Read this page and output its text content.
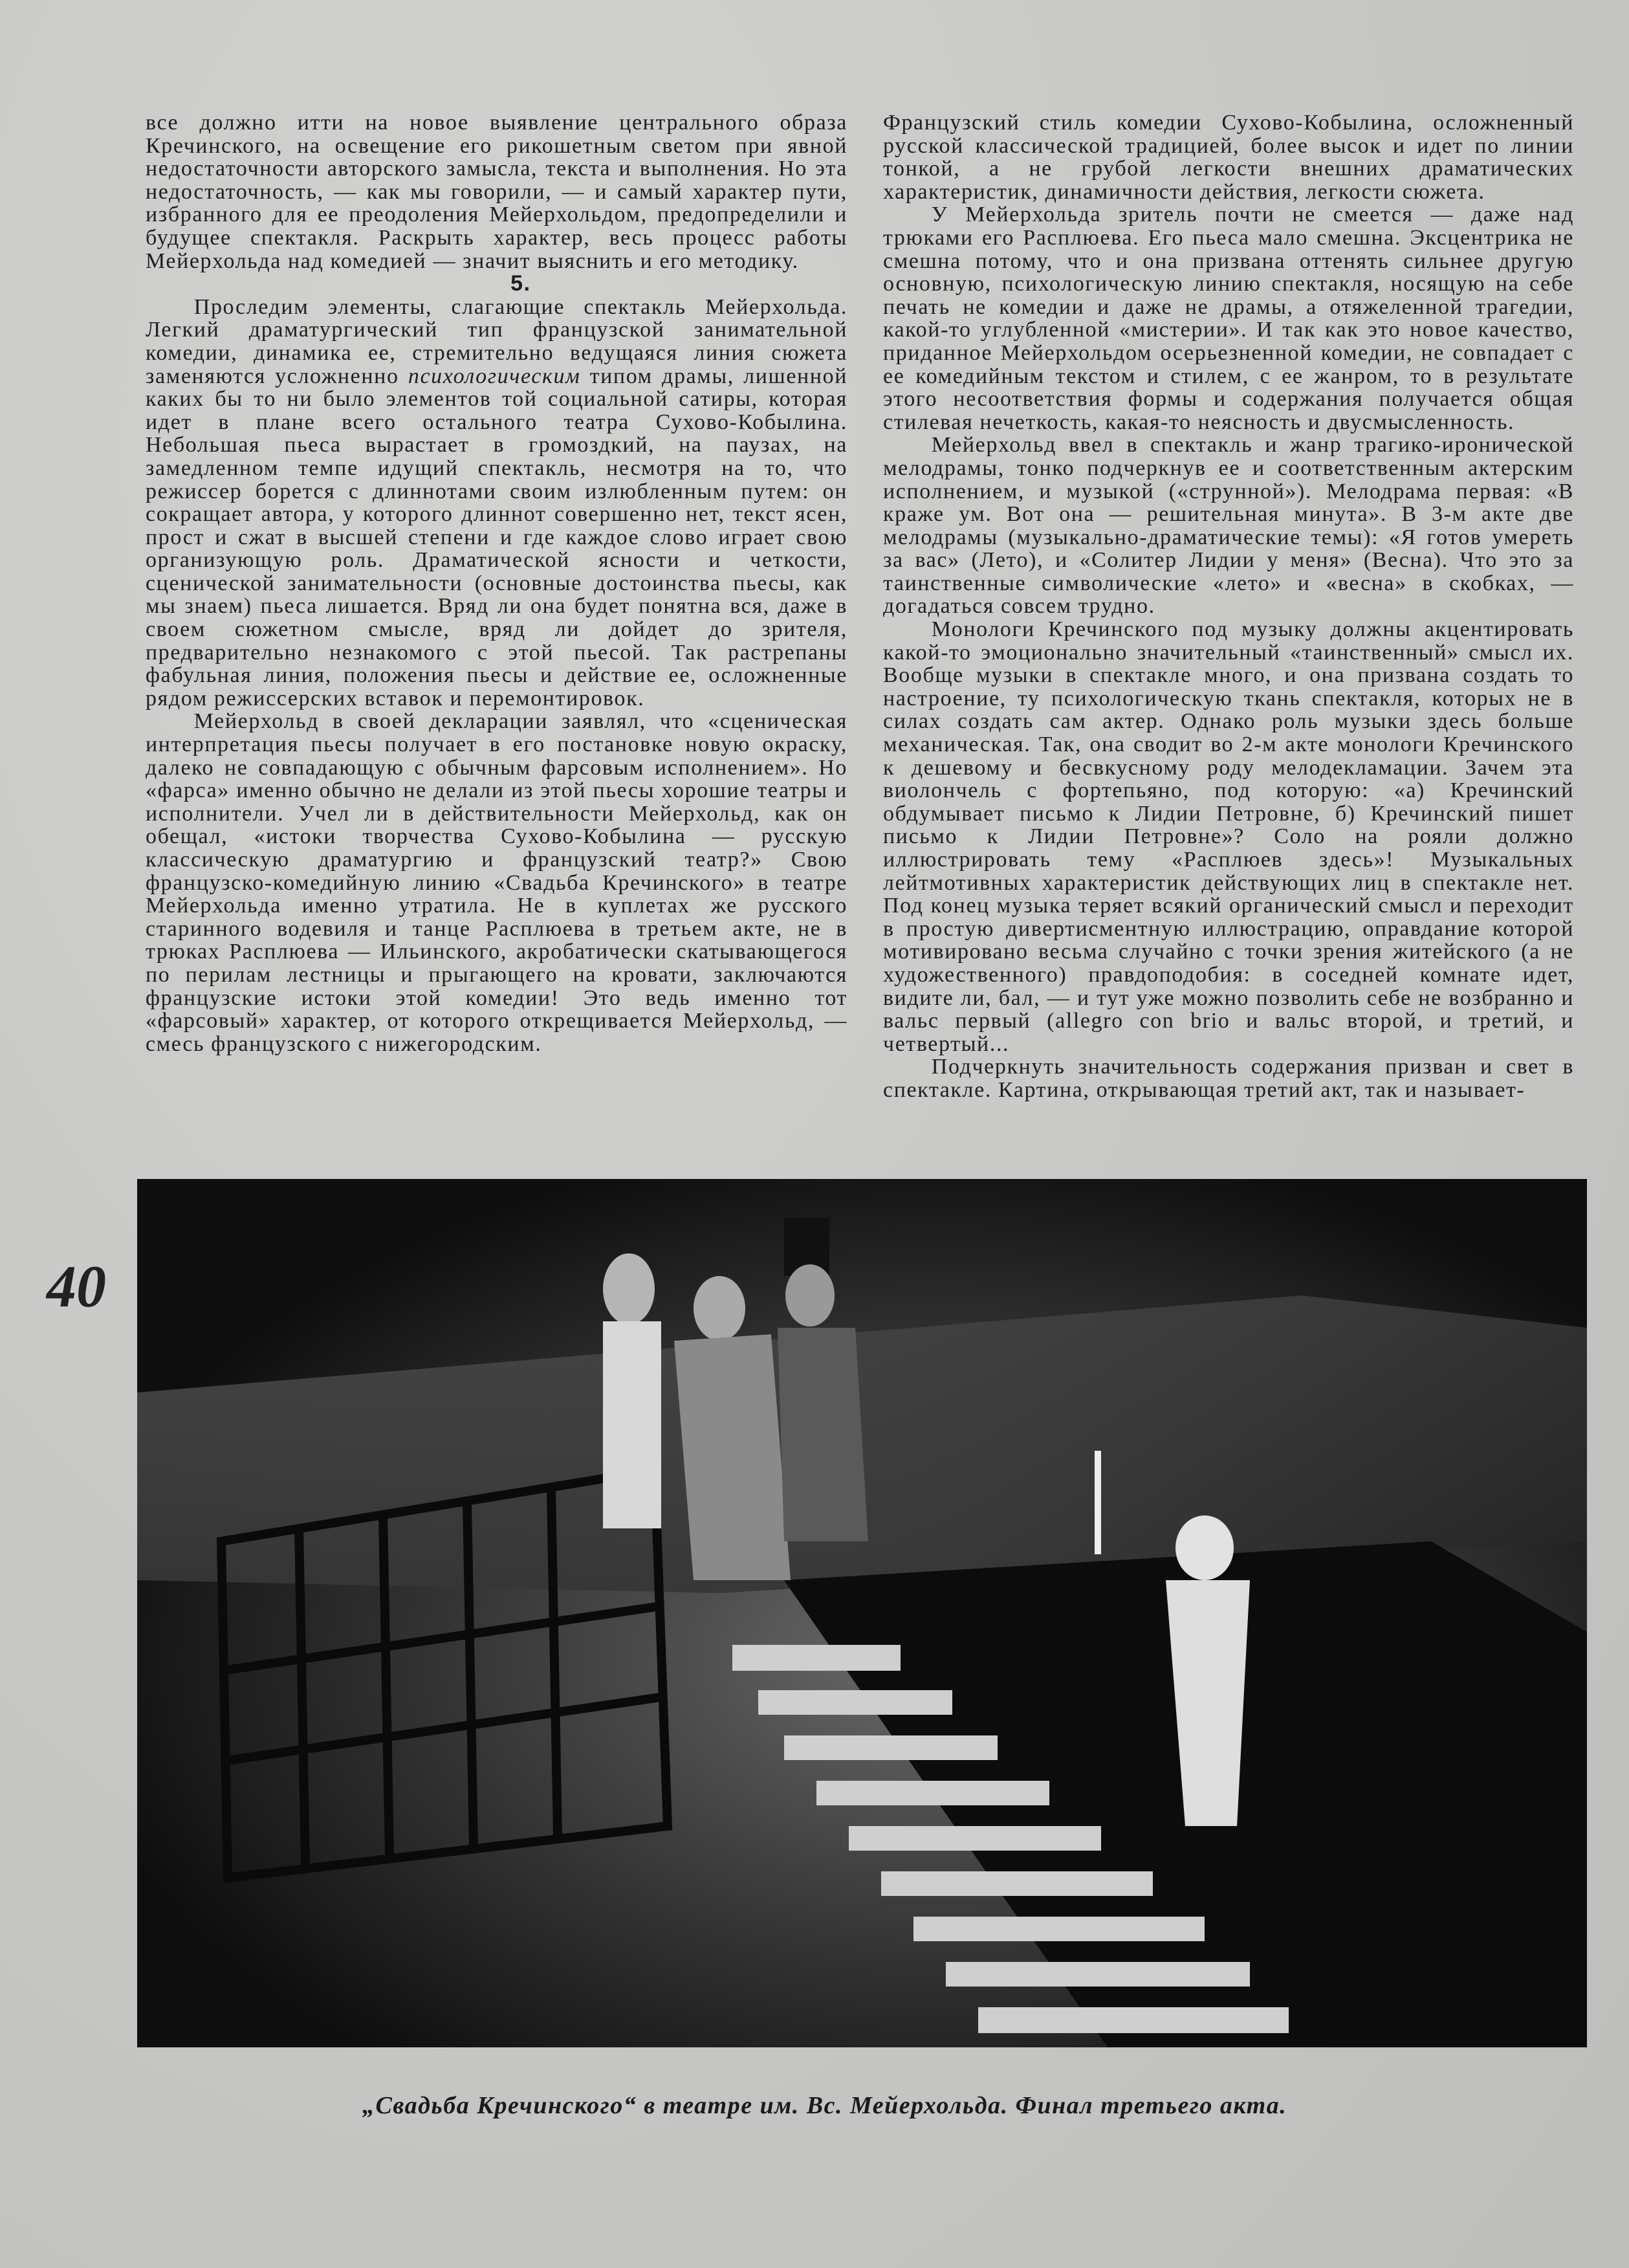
все должно итти на новое выявление центрального образа Кречинского, на освещение его рикошетным светом при явной недостаточности авторского замысла, текста и выполнения. Но эта недостаточность, — как мы говорили, — и самый характер пути, избранного для ее преодоления Мейерхольдом, предопределили и будущее спектакля. Раскрыть характер, весь процесс работы Мейерхольда над комедией — значит выяснить и его методику.

5.

Проследим элементы, слагающие спектакль Мейерхольда. Легкий драматургический тип французской занимательной комедии, динамика ее, стремительно ведущаяся линия сюжета заменяются усложненно психологическим типом драмы, лишенной каких бы то ни было элементов той социальной сатиры, которая идет в плане всего остального театра Сухово-Кобылина. Небольшая пьеса вырастает в громоздкий, на паузах, на замедленном темпе идущий спектакль, несмотря на то, что режиссер борется с длиннотами своим излюбленным путем: он сокращает автора, у которого длиннот совершенно нет, текст ясен, прост и сжат в высшей степени и где каждое слово играет свою организующую роль. Драматической ясности и четкости, сценической занимательности (основные достоинства пьесы, как мы знаем) пьеса лишается. Вряд ли она будет понятна вся, даже в своем сюжетном смысле, вряд ли дойдет до зрителя, предварительно незнакомого с этой пьесой. Так растрепаны фабульная линия, положения пьесы и действие ее, осложненные рядом режиссерских вставок и перемонтировок.

Мейерхольд в своей декларации заявлял, что «сценическая интерпретация пьесы получает в его постановке новую окраску, далеко не совпадающую с обычным фарсовым исполнением». Но «фарса» именно обычно не делали из этой пьесы хорошие театры и исполнители. Учел ли в действительности Мейерхольд, как он обещал, «истоки творчества Сухово-Кобылина — русскую классическую драматургию и французский театр?» Свою французско-комедийную линию «Свадьба Кречинского» в театре Мейерхольда именно утратила. Не в куплетах же русского старинного водевиля и танце Расплюева в третьем акте, не в трюках Расплюева — Ильинского, акробатически скатывающегося по перилам лестницы и прыгающего на кровати, заключаются французские истоки этой комедии! Это ведь именно тот «фарсовый» характер, от которого открещивается Мейерхольд, — смесь французского с нижегородским.

Французский стиль комедии Сухово-Кобылина, осложненный русской классической традицией, более высок и идет по линии тонкой, а не грубой легкости внешних драматических характеристик, динамичности действия, легкости сюжета.

У Мейерхольда зритель почти не смеется — даже над трюками его Расплюева. Его пьеса мало смешна. Эксцентрика не смешна потому, что и она призвана оттенять сильнее другую основную, психологическую линию спектакля, носящую на себе печать не комедии и даже не драмы, а отяжеленной трагедии, какой-то углубленной «мистерии». И так как это новое качество, приданное Мейерхольдом осерьезненной комедии, не совпадает с ее комедийным текстом и стилем, с ее жанром, то в результате этого несоответствия формы и содержания получается общая стилевая нечеткость, какая-то неясность и двусмысленность.

Мейерхольд ввел в спектакль и жанр трагико-иронической мелодрамы, тонко подчеркнув ее и соответственным актерским исполнением, и музыкой («струнной»). Мелодрама первая: «В краже ум. Вот она — решительная минута». В 3-м акте две мелодрамы (музыкально-драматические темы): «Я готов умереть за вас» (Лето), и «Солитер Лидии у меня» (Весна). Что это за таинственные символические «лето» и «весна» в скобках, — догадаться совсем трудно.

Монологи Кречинского под музыку должны акцентировать какой-то эмоционально значительный «таинственный» смысл их. Вообще музыки в спектакле много, и она призвана создать то настроение, ту психологическую ткань спектакля, которых не в силах создать сам актер. Однако роль музыки здесь больше механическая. Так, она сводит во 2-м акте монологи Кречинского к дешевому и бесвкусному роду мелодекламации. Зачем эта виолончель с фортепьяно, под которую: «а) Кречинский обдумывает письмо к Лидии Петровне, б) Кречинский пишет письмо к Лидии Петровне»? Соло на рояли должно иллюстрировать тему «Расплюев здесь»! Музыкальных лейтмотивных характеристик действующих лиц в спектакле нет. Под конец музыка теряет всякий органический смысл и переходит в простую дивертисментную иллюстрацию, оправдание которой мотивировано весьма случайно с точки зрения житейского (а не художественного) правдоподобия: в соседней комнате идет, видите ли, бал, — и тут уже можно позволить себе не возбранно и вальс первый (allegro con brio и вальс второй, и третий, и четвертый...

Подчеркнуть значительность содержания призван и свет в спектакле. Картина, открывающая третий акт, так и называет-

40
„Свадьба Кречинского“ в театре им. Вс. Мейерхольда. Финал третьего акта.
